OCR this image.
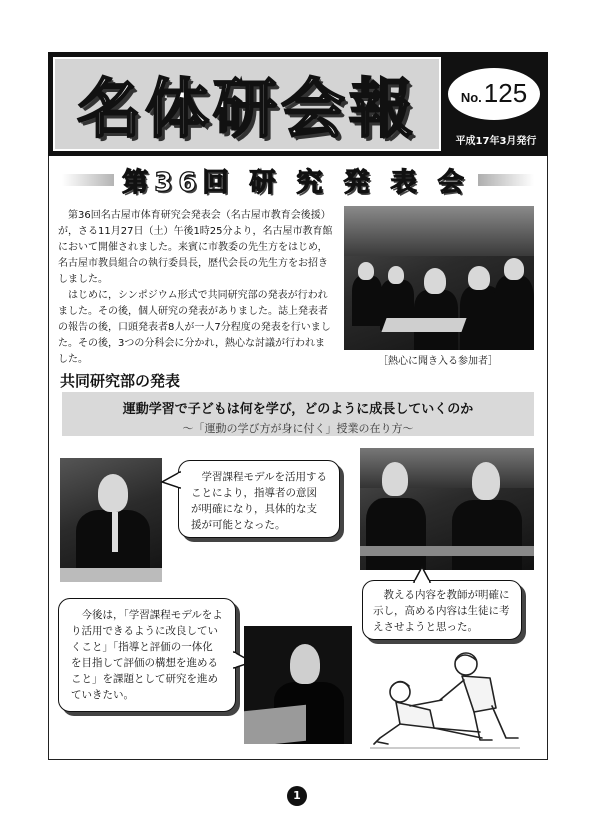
名体研会報	No. 125
平成17年3月発行
第36回 研 究 発 表 会

第36回名古屋市体育研究会発表会（名古屋市教育会後援）が，さる11月27日（土）午後1時25分より，名古屋市教育館において開催されました。来賓に市教委の先生方をはじめ，名古屋市教員組合の執行委員長，歴代会長の先生方をお招きしました。

はじめに，シンポジウム形式で共同研究部の発表が行われました。その後，個人研究の発表がありました。誌上発表者の報告の後，口頭発表者8人が一人7分程度の発表を行いました。その後，3つの分科会に分かれ，熱心な討議が行われました。	［熱心に聞き入る参加者］
共同研究部の発表
運動学習で子どもは何を学び，どのように成長していくのか
～「運動の学び方が身に付く」授業の在り方～

学習課程モデルを活用することにより，指導者の意図が明確になり，具体的な支援が可能となった。

教える内容を教師が明確に示し，高める内容は生徒に考えさせようと思った。

今後は，「学習課程モデルをより活用できるように改良していくこと」「指導と評価の一体化を目指して評価の構想を進めること」を課題として研究を進めていきたい。

1
